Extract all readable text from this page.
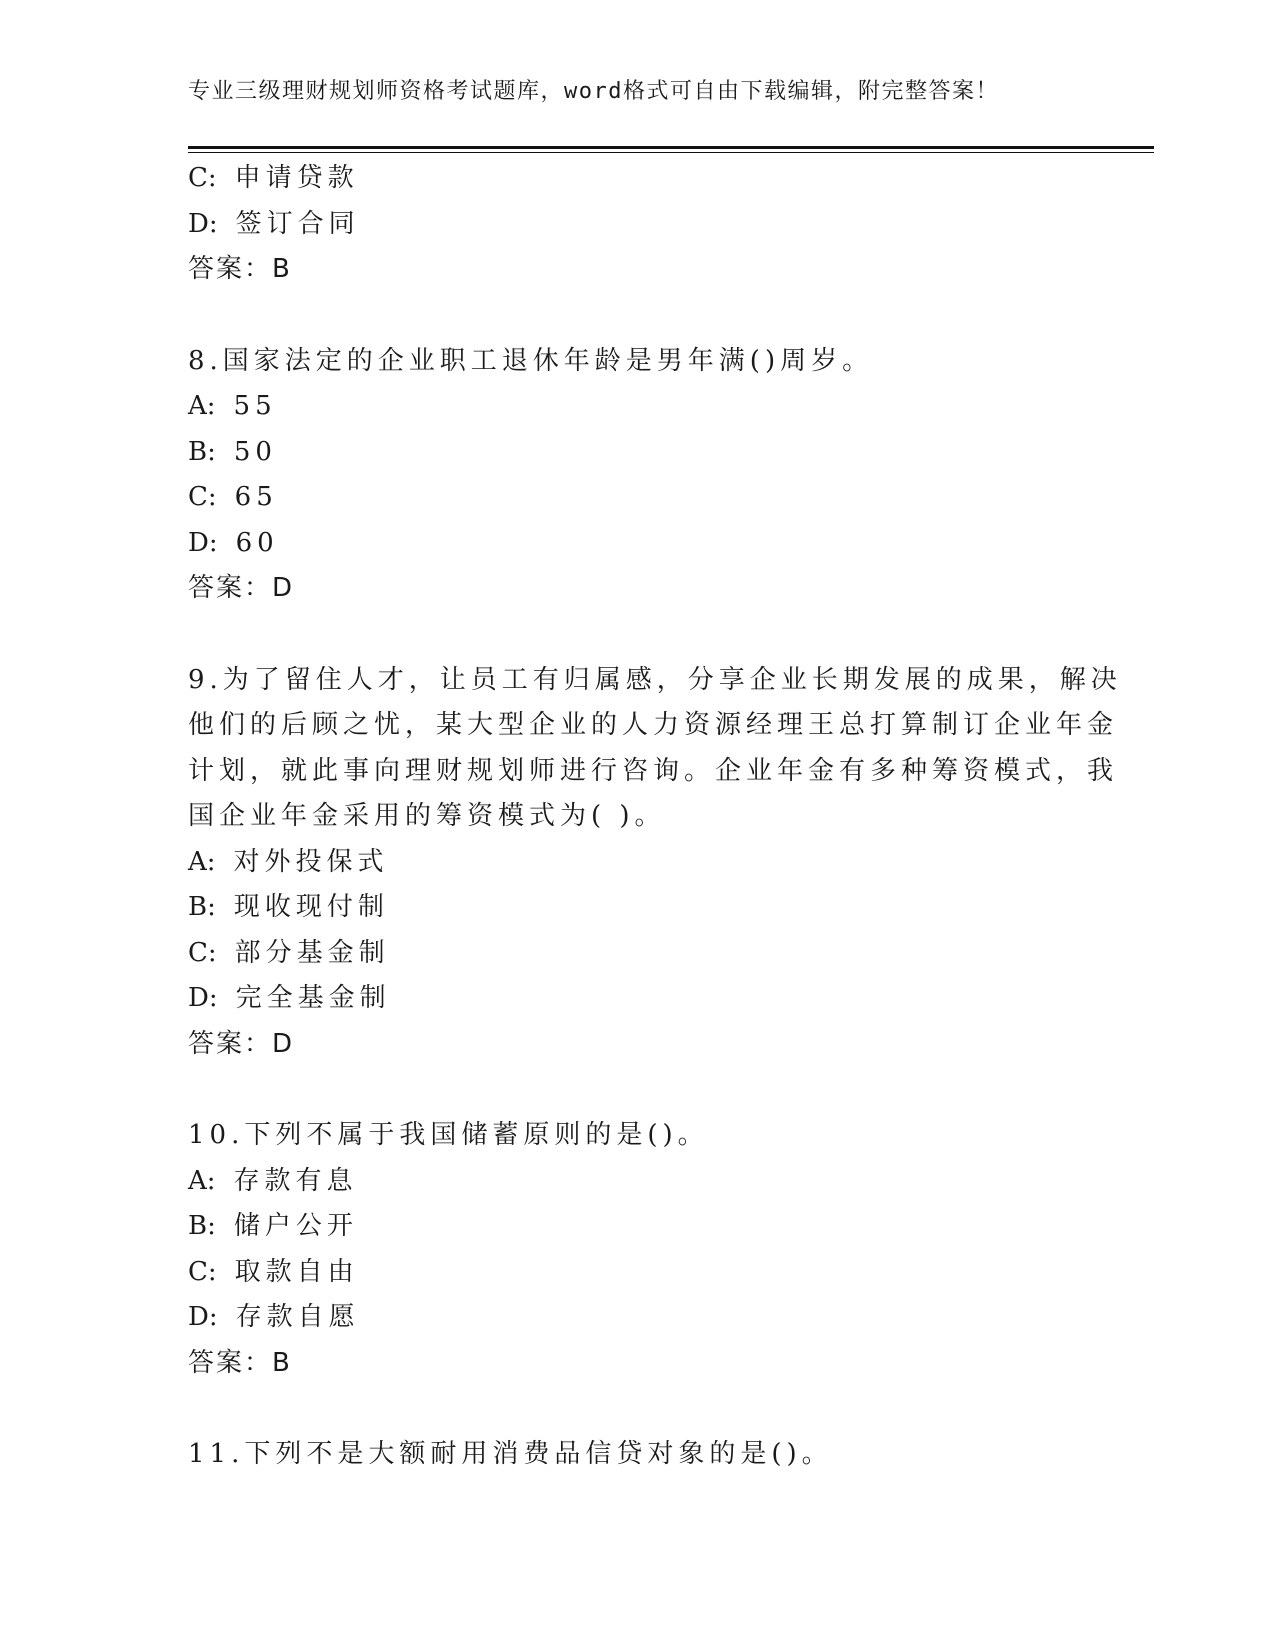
专业三级理财规划师资格考试题库，word格式可自由下载编辑，附完整答案！
C: 申请贷款
D: 签订合同
答案：B
8.国家法定的企业职工退休年龄是男年满()周岁。
A: 55
B: 50
C: 65
D: 60
答案：D
9.为了留住人才，让员工有归属感，分享企业长期发展的成果，解决
他们的后顾之忧，某大型企业的人力资源经理王总打算制订企业年金
计划，就此事向理财规划师进行咨询。企业年金有多种筹资模式，我
国企业年金采用的筹资模式为( )。
A: 对外投保式
B: 现收现付制
C: 部分基金制
D: 完全基金制
答案：D
10.下列不属于我国储蓄原则的是()。
A: 存款有息
B: 储户公开
C: 取款自由
D: 存款自愿
答案：B
11.下列不是大额耐用消费品信贷对象的是()。
